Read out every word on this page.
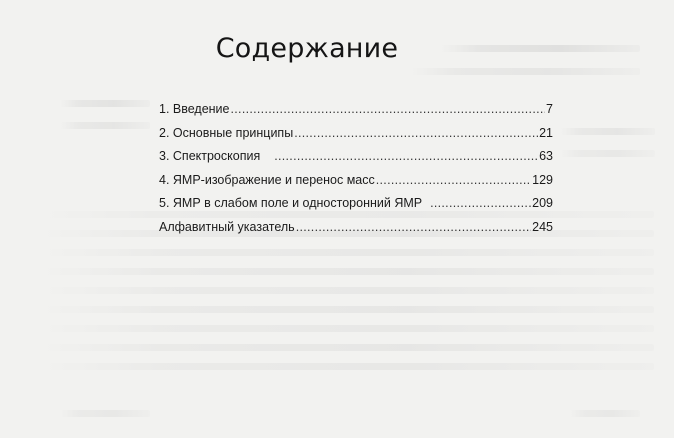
Содержание
1. Введение .....	7
2. Основные принципы .....	21
3. Спектроскопия .....	63
4. ЯМР-изображение и перенос масс .....	129
5. ЯМР в слабом поле и односторонний ЯМР .....	209
Алфавитный указатель .....	245
